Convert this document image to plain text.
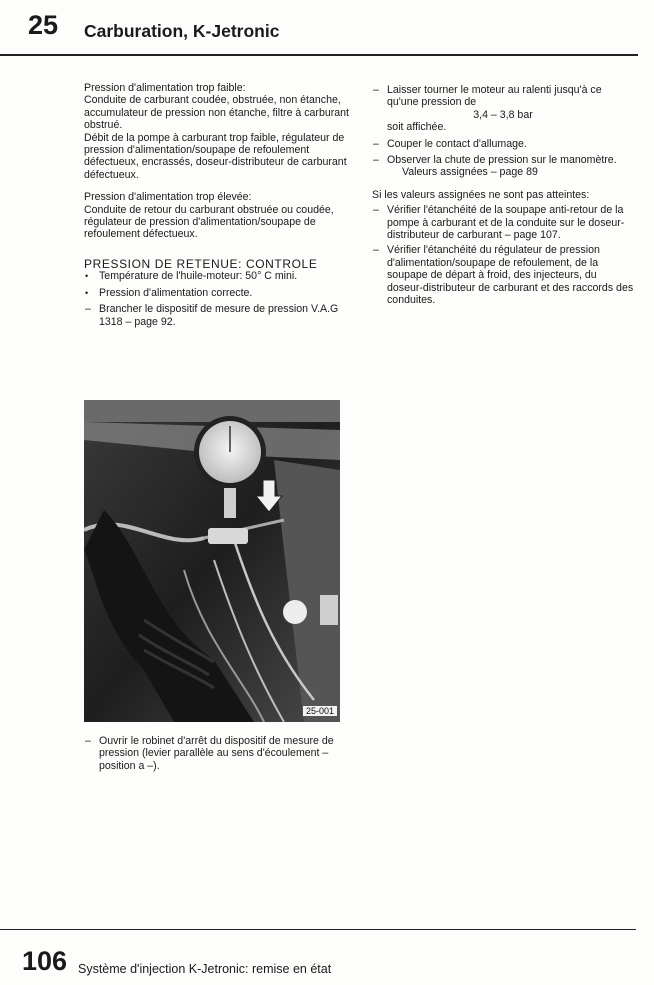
25 Carburation, K-Jetronic

Pression d'alimentation trop faible:

Conduite de carburant coudée, obstruée, non étanche, accumulateur de pression non étanche, filtre à carburant obstrué.

Débit de la pompe à carburant trop faible, régulateur de pression d'alimentation/soupape de refoulement défectueux, encrassés, doseur-distributeur de carburant défectueux.

Pression d'alimentation trop élevée:

Conduite de retour du carburant obstruée ou coudée, régulateur de pression d'alimentation/soupape de refoulement défectueux.

PRESSION DE RETENUE: CONTROLE

• Température de l'huile-moteur: 50° C mini.
• Pression d'alimentation correcte.
– Brancher le dispositif de mesure de pression V.A.G 1318 – page 92.
25-001
– Ouvrir le robinet d'arrêt du dispositif de mesure de pression (levier parallèle au sens d'écoulement – position a –).
– Laisser tourner le moteur au ralenti jusqu'à ce qu'une pression de

3,4 – 3,8 bar

soit affichée.

– Couper le contact d'allumage.
– Observer la chute de pression sur le manomètre.

Valeurs assignées – page 89

Si les valeurs assignées ne sont pas atteintes:

– Vérifier l'étanchéité de la soupape anti-retour de la pompe à carburant et de la conduite sur le doseur-distributeur de carburant – page 107.
– Vérifier l'étanchéité du régulateur de pression d'alimentation/soupape de refoulement, de la soupape de départ à froid, des injecteurs, du doseur-distributeur de carburant et des raccords des conduites.
106 Système d'injection K-Jetronic: remise en état
